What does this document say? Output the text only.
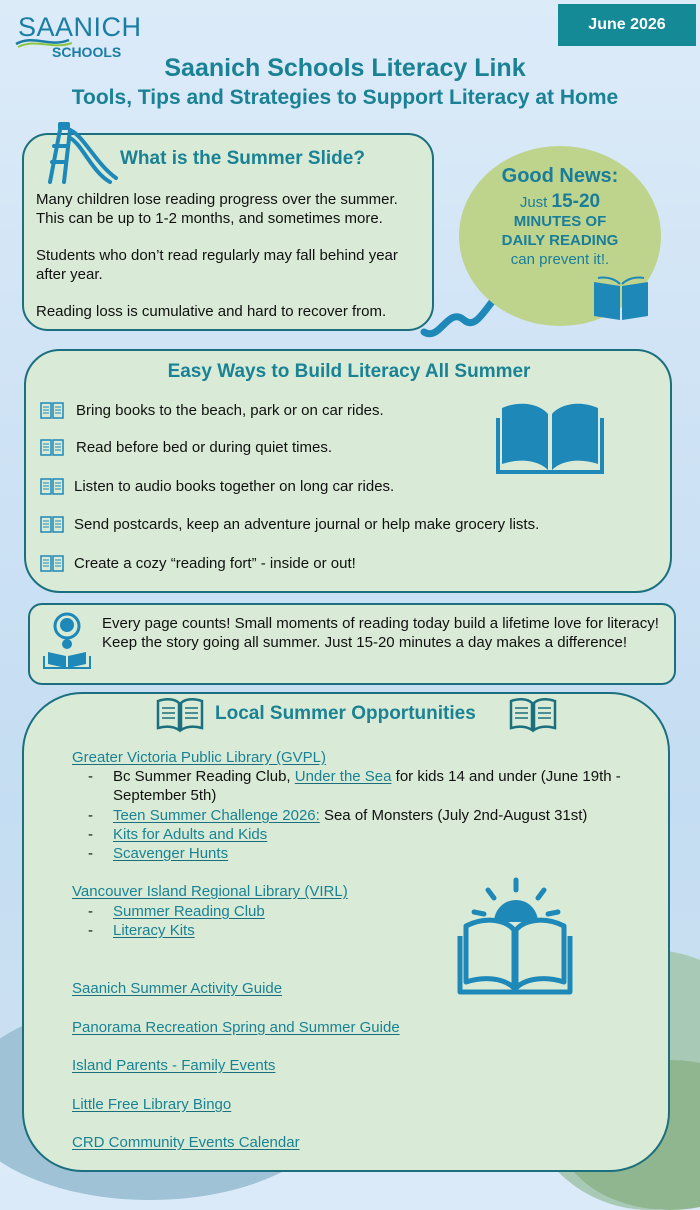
SAANICH
SCHOOLS
June 2026
Saanich Schools Literacy Link
Tools, Tips and Strategies to Support Literacy at Home
What is the Summer Slide?
Many children lose reading progress over the summer. This can be up to 1-2 months, and sometimes more.
Students who don’t read regularly may fall behind year after year.
Reading loss is cumulative and hard to recover from.
Good News:
Just 15-20
MINUTES OF
DAILY READING
can prevent it!.
Easy Ways to Build Literacy All Summer
Bring books to the beach, park or on car rides.
Read before bed or during quiet times.
Listen to audio books together on long car rides.
Send postcards, keep an adventure journal or help make grocery lists.
Create a cozy “reading fort” - inside or out!
Every page counts! Small moments of reading today build a lifetime love for literacy! Keep the story going all summer. Just 15-20 minutes a day makes a difference!
Local Summer Opportunities
Greater Victoria Public Library (GVPL)
- Bc Summer Reading Club, Under the Sea for kids 14 and under (June 19th -
September 5th)
- Teen Summer Challenge 2026: Sea of Monsters (July 2nd-August 31st)
- Kits for Adults and Kids
- Scavenger Hunts
Vancouver Island Regional Library (VIRL)
- Summer Reading Club
- Literacy Kits
Saanich Summer Activity Guide
Panorama Recreation Spring and Summer Guide
Island Parents - Family Events
Little Free Library Bingo
CRD Community Events Calendar
